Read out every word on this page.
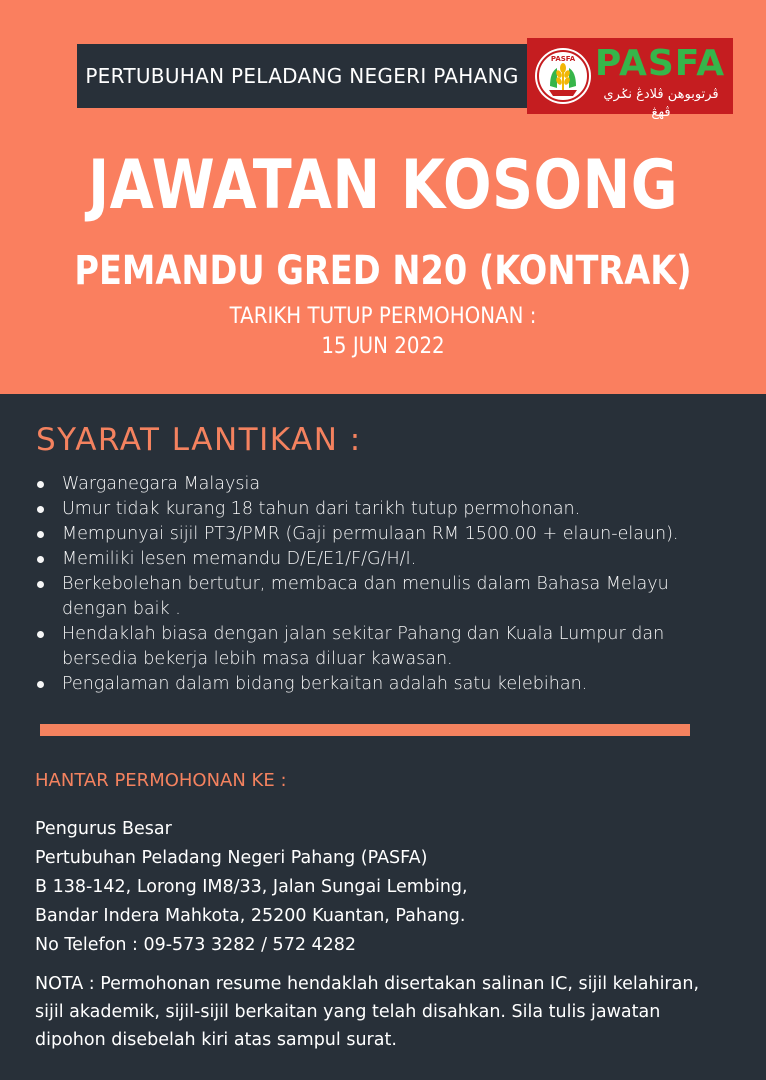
PERTUBUHAN PELADANG NEGERI PAHANG
PASFA PASFA
ڤرتوبوهن ڤلادڠ نݢري ڤهڠ
JAWATAN KOSONG
PEMANDU GRED N20 (KONTRAK)
TARIKH TUTUP PERMOHONAN :
15 JUN 2022
SYARAT LANTIKAN :
Warganegara Malaysia
Umur tidak kurang 18 tahun dari tarikh tutup permohonan.
Mempunyai sijil PT3/PMR (Gaji permulaan RM 1500.00 + elaun-elaun).
Memiliki lesen memandu D/E/E1/F/G/H/I.
Berkebolehan bertutur, membaca dan menulis dalam Bahasa Melayu dengan baik .
Hendaklah biasa dengan jalan sekitar Pahang dan Kuala Lumpur dan bersedia bekerja lebih masa diluar kawasan.
Pengalaman dalam bidang berkaitan adalah satu kelebihan.
HANTAR PERMOHONAN KE :
Pengurus Besar
Pertubuhan Peladang Negeri Pahang (PASFA)
B 138-142, Lorong IM8/33, Jalan Sungai Lembing,
Bandar Indera Mahkota, 25200 Kuantan, Pahang.
No Telefon : 09-573 3282 / 572 4282
NOTA : Permohonan resume hendaklah disertakan salinan IC, sijil kelahiran, sijil akademik, sijil-sijil berkaitan yang telah disahkan. Sila tulis jawatan dipohon disebelah kiri atas sampul surat.
